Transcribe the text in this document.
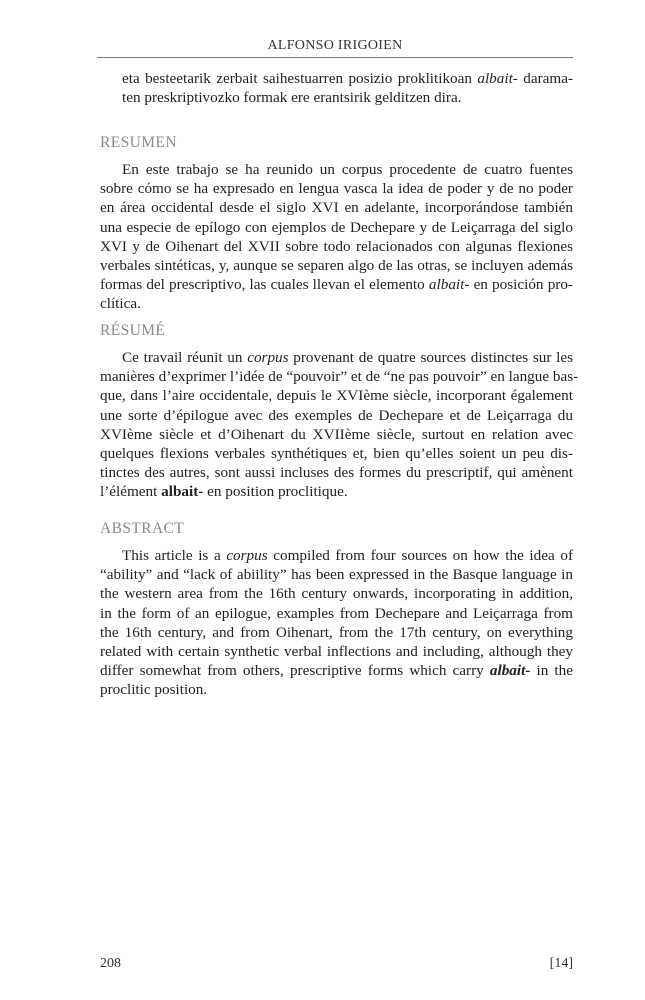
ALFONSO IRIGOIEN
eta besteetarik zerbait saihestuarren posizio proklitikoan albait- darama-
ten preskriptivozko formak ere erantsirik gelditzen dira.
RESUMEN
En este trabajo se ha reunido un corpus procedente de cuatro fuentes
sobre cómo se ha expresado en lengua vasca la idea de poder y de no poder
en área occidental desde el siglo XVI en adelante, incorporándose también
una especie de epílogo con ejemplos de Dechepare y de Leiçarraga del siglo
XVI y de Oihenart del XVII sobre todo relacionados con algunas flexiones
verbales sintéticas, y, aunque se separen algo de las otras, se incluyen además
formas del prescriptivo, las cuales llevan el elemento albait- en posición pro-
clítica.
RÉSUMÉ
Ce travail réunit un corpus provenant de quatre sources distinctes sur les
manières d’exprimer l’idée de “pouvoir” et de “ne pas pouvoir” en langue bas-
que, dans l’aire occidentale, depuis le XVIème siècle, incorporant également
une sorte d’épilogue avec des exemples de Dechepare et de Leiçarraga du
XVIème siècle et d’Oihenart du XVIIème siècle, surtout en relation avec
quelques flexions verbales synthétiques et, bien qu’elles soient un peu dis-
tinctes des autres, sont aussi incluses des formes du prescriptif, qui amènent
l’élément albait- en position proclitique.
ABSTRACT
This article is a corpus compiled from four sources on how the idea of
“ability” and “lack of abiility” has been expressed in the Basque language in
the western area from the 16th century onwards, incorporating in addition,
in the form of an epilogue, examples from Dechepare and Leiçarraga from
the 16th century, and from Oihenart, from the 17th century, on everything
related with certain synthetic verbal inflections and including, although they
differ somewhat from others, prescriptive forms which carry albait- in the
proclitic position.
208	[14]
